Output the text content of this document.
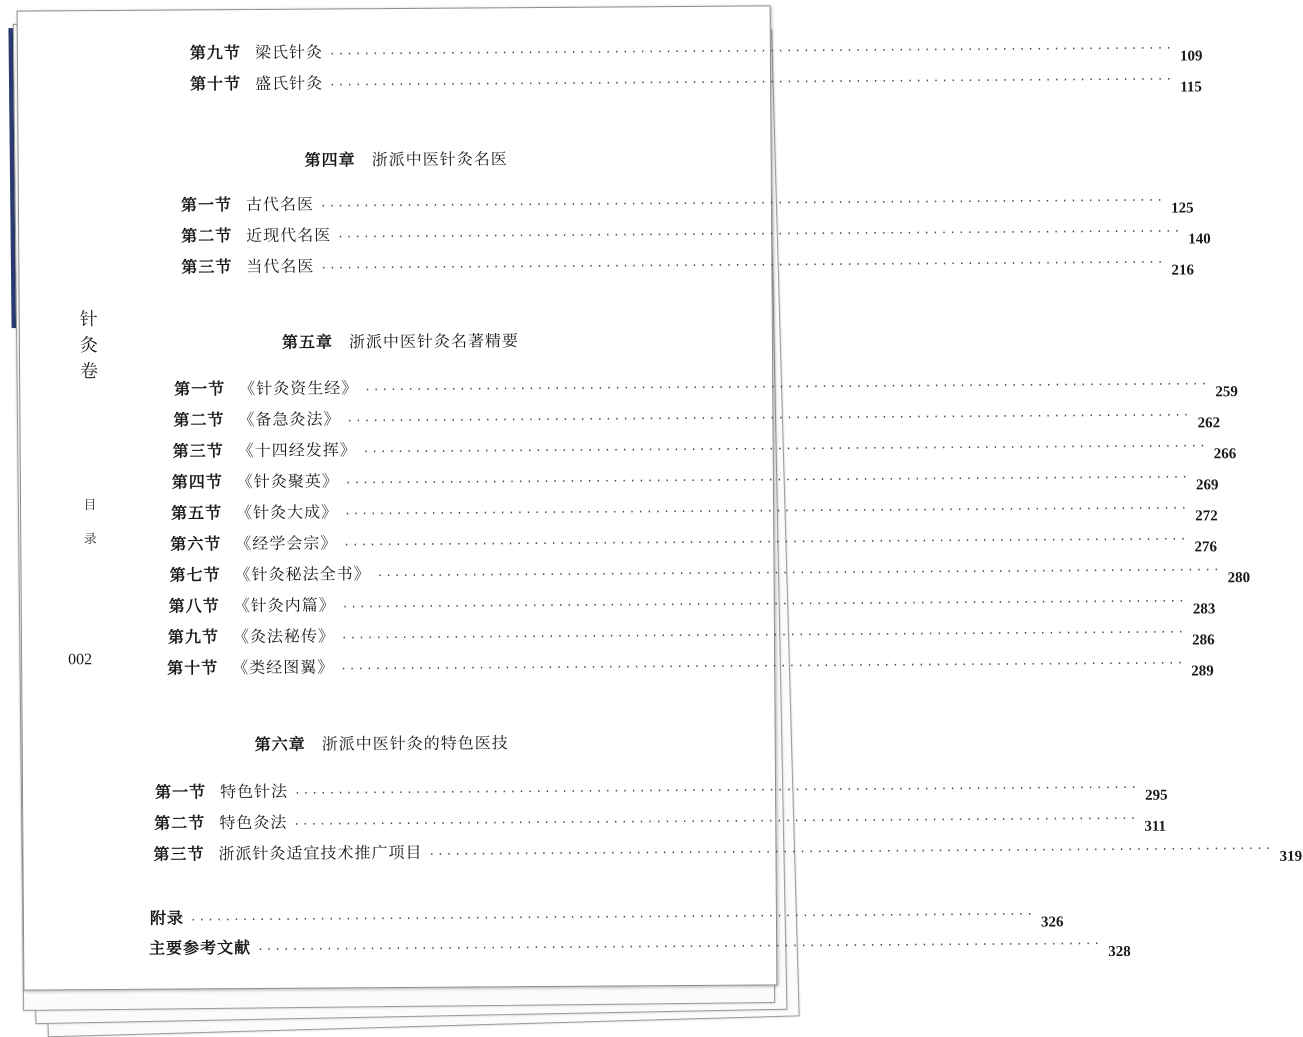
针
灸
卷
目
录
002
第九节 梁氏针灸 ·································································································· 109
第十节 盛氏针灸 ·································································································· 115
第四章 浙派中医针灸名医
第一节 古代名医 ·································································································· 125
第二节 近现代名医 ·································································································· 140
第三节 当代名医 ·································································································· 216
第五章 浙派中医针灸名著精要
第一节 《针灸资生经》 ·································································································· 259
第二节 《备急灸法》 ·································································································· 262
第三节 《十四经发挥》 ·································································································· 266
第四节 《针灸聚英》 ·································································································· 269
第五节 《针灸大成》 ·································································································· 272
第六节 《经学会宗》 ·································································································· 276
第七节 《针灸秘法全书》 ·································································································· 280
第八节 《针灸内篇》 ·································································································· 283
第九节 《灸法秘传》 ·································································································· 286
第十节 《类经图翼》 ·································································································· 289
第六章 浙派中医针灸的特色医技
第一节 特色针法 ·································································································· 295
第二节 特色灸法 ·································································································· 311
第三节 浙派针灸适宜技术推广项目 ·································································································· 319
附录 ·································································································· 326
主要参考文献 ·································································································· 328
